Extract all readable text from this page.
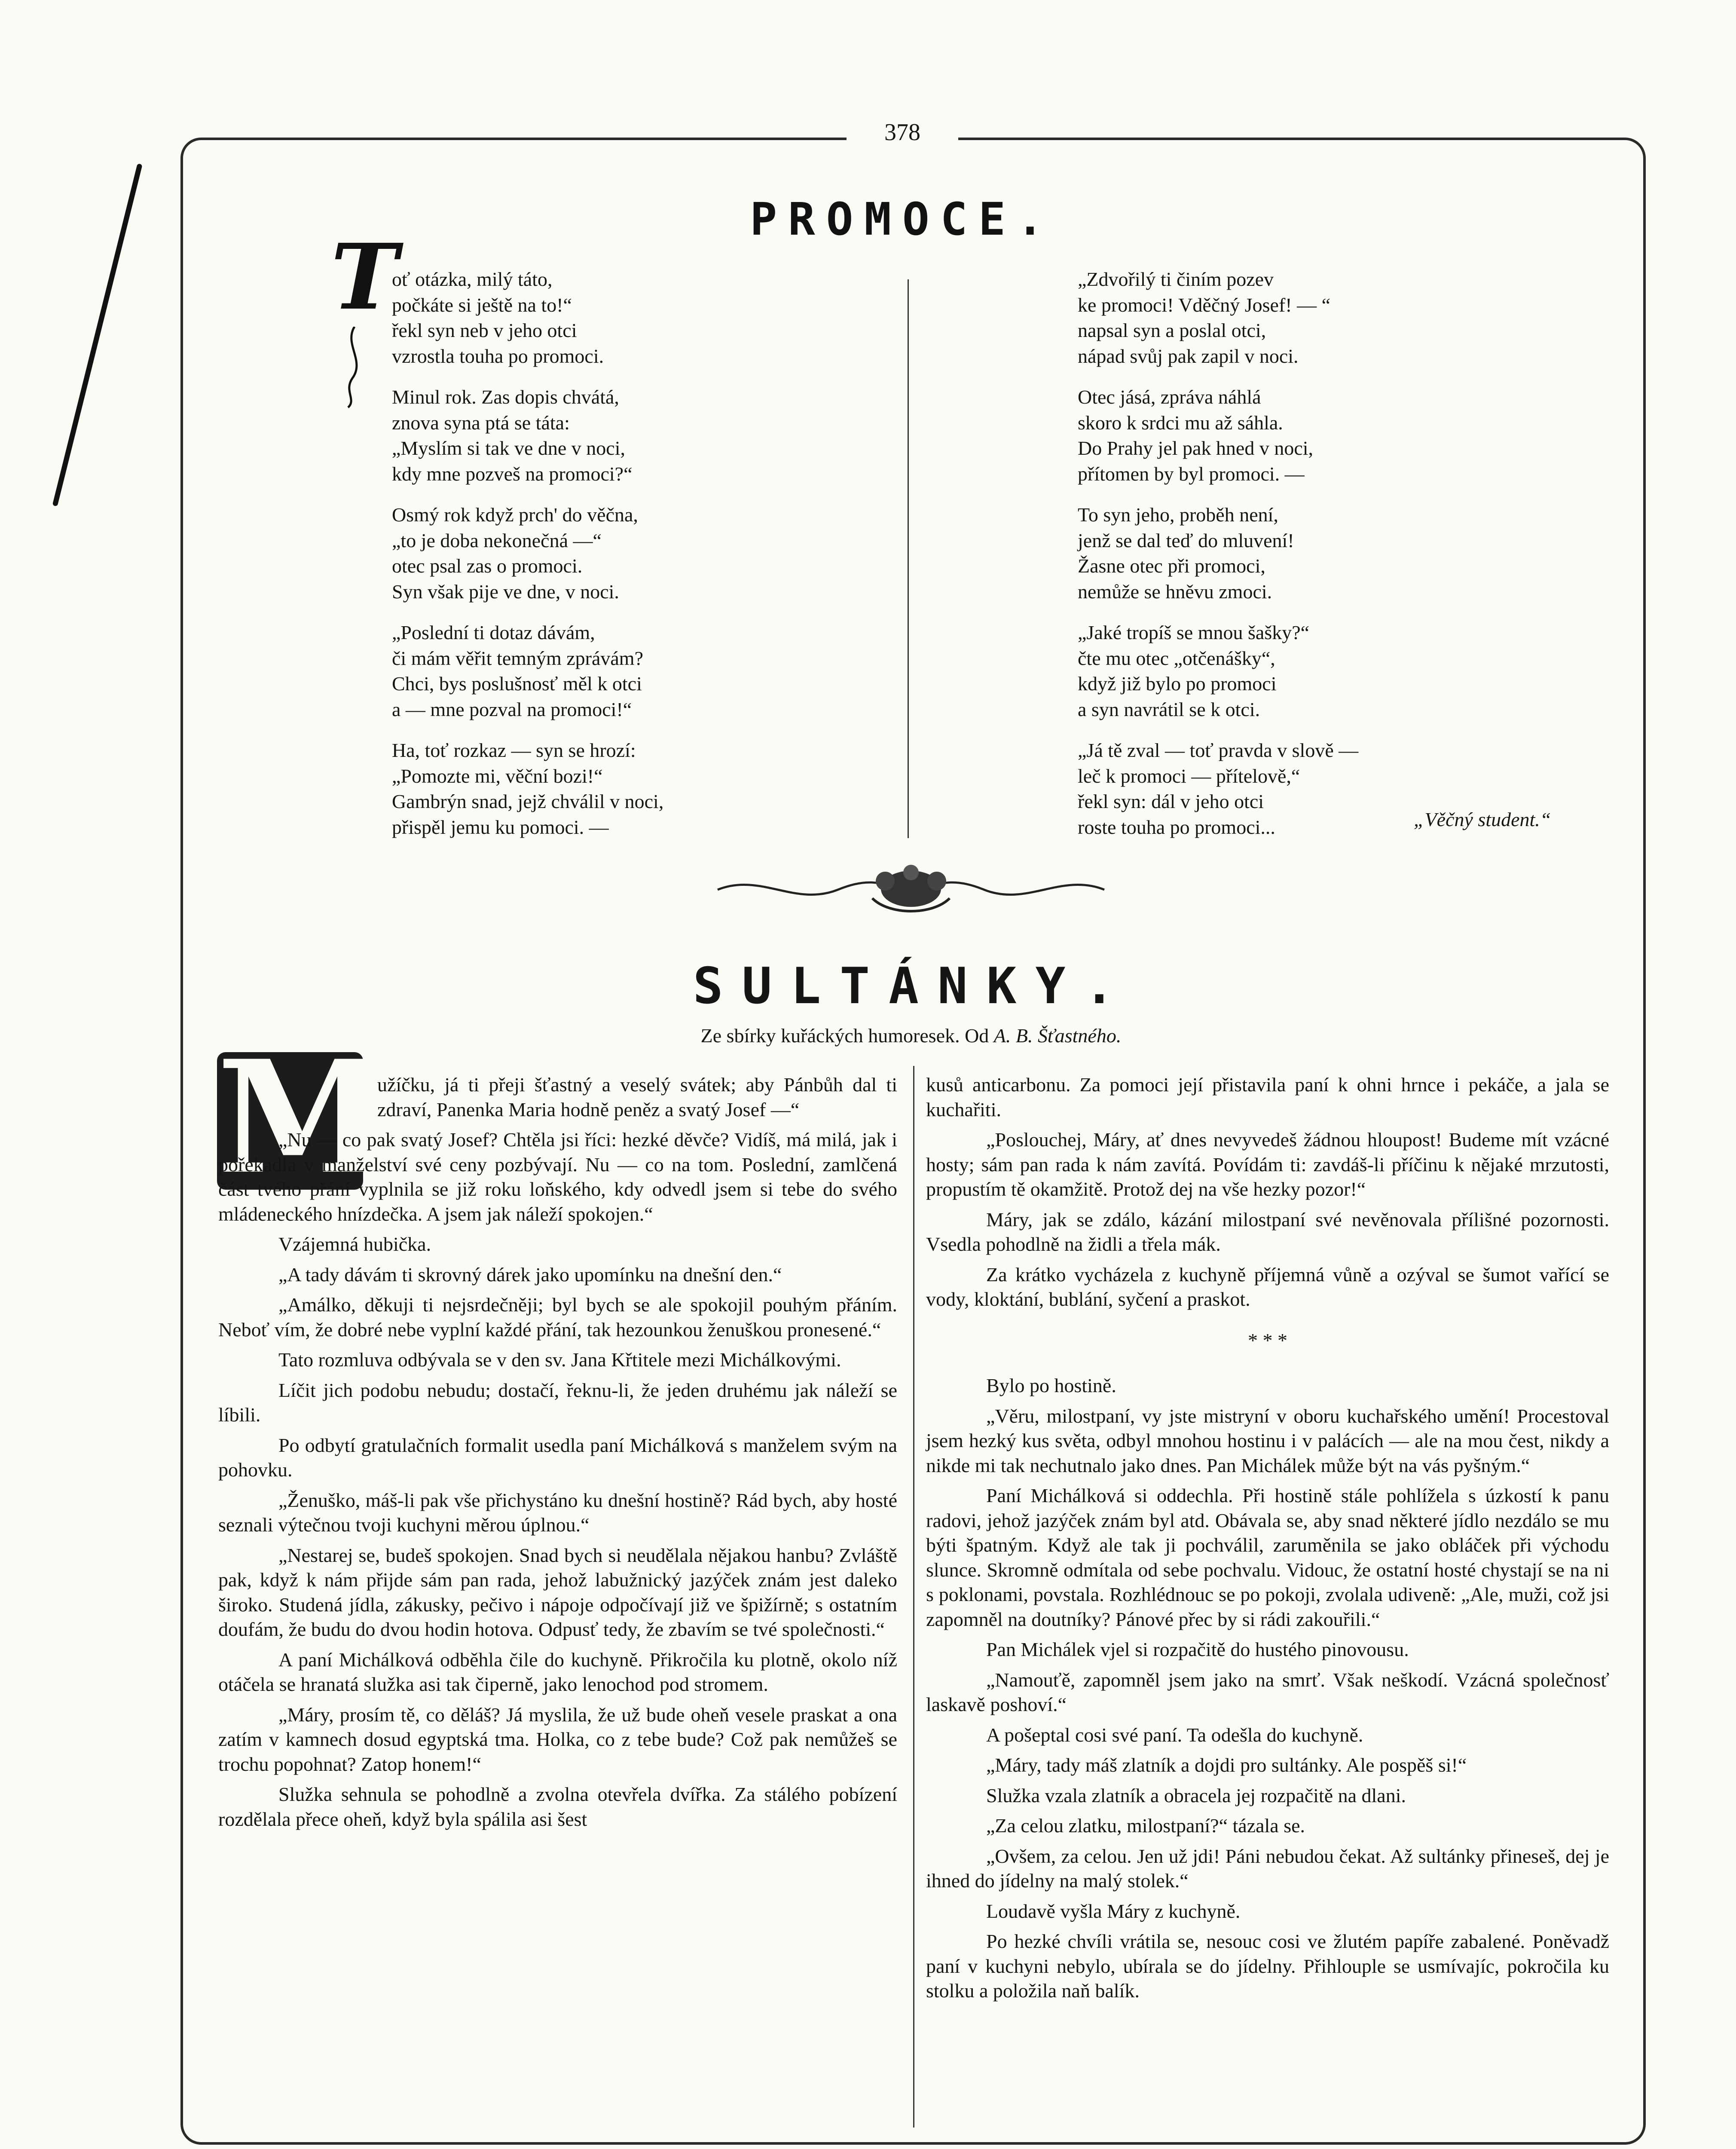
378
PROMOCE.
T
oť otázka, milý táto,
počkáte si ještě na to!“
řekl syn neb v jeho otci
vzrostla touha po promoci.
Minul rok. Zas dopis chvátá,
znova syna ptá se táta:
„Myslím si tak ve dne v noci,
kdy mne pozveš na promoci?“
Osmý rok když prch' do věčna,
„to je doba nekonečná —“
otec psal zas o promoci.
Syn však pije ve dne, v noci.
„Poslední ti dotaz dávám,
či mám věřit temným zprávám?
Chci, bys poslušnosť měl k otci
a — mne pozval na promoci!“
Ha, toť rozkaz — syn se hrozí:
„Pomozte mi, věční bozi!“
Gambrýn snad, jejž chválil v noci,
přispěl jemu ku pomoci. —
„Zdvořilý ti činím pozev
ke promoci! Vděčný Josef! — “
napsal syn a poslal otci,
nápad svůj pak zapil v noci.
Otec jásá, zpráva náhlá
skoro k srdci mu až sáhla.
Do Prahy jel pak hned v noci,
přítomen by byl promoci. —
To syn jeho, proběh není,
jenž se dal teď do mluvení!
Žasne otec při promoci,
nemůže se hněvu zmoci.
„Jaké tropíš se mnou šašky?“
čte mu otec „otčenášky“,
když již bylo po promoci
a syn navrátil se k otci.
„Já tě zval — toť pravda v slově —
leč k promoci — přítelově,“
řekl syn: dál v jeho otci
roste touha po promoci...	„Věčný student.“
SULTÁNKY.
Ze sbírky kuřáckých humoresek. Od A. B. Šťastného.
M

užíčku, já ti přeji šťastný a veselý svátek; aby Pánbůh dal ti zdraví, Panenka Maria hodně peněz a svatý Josef —“

„Nu — co pak svatý Josef? Chtěla jsi říci: hezké děvče? Vidíš, má milá, jak i pořekadla v manželství své ceny pozbývají. Nu — co na tom. Poslední, zamlčená část tvého přání vyplnila se již roku loňského, kdy odvedl jsem si tebe do svého mládeneckého hnízdečka. A jsem jak náleží spokojen.“

Vzájemná hubička.

„A tady dávám ti skrovný dárek jako upomínku na dnešní den.“

„Amálko, děkuji ti nejsrdečněji; byl bych se ale spokojil pouhým přáním. Neboť vím, že dobré nebe vyplní každé přání, tak hezounkou ženuškou pronesené.“

Tato rozmluva odbývala se v den sv. Jana Křtitele mezi Michálkovými.

Líčit jich podobu nebudu; dostačí, řeknu-li, že jeden druhému jak náleží se líbili.

Po odbytí gratulačních formalit usedla paní Michálková s manželem svým na pohovku.

„Ženuško, máš-li pak vše přichystáno ku dnešní hostině? Rád bych, aby hosté seznali výtečnou tvoji kuchyni měrou úplnou.“

„Nestarej se, budeš spokojen. Snad bych si neudělala nějakou hanbu? Zvláště pak, když k nám přijde sám pan rada, jehož labužnický jazýček znám jest daleko široko. Studená jídla, zákusky, pečivo i nápoje odpočívají již ve špižírně; s ostatním doufám, že budu do dvou hodin hotova. Odpusť tedy, že zbavím se tvé společnosti.“

A paní Michálková odběhla čile do kuchyně. Přikročila ku plotně, okolo níž otáčela se hranatá služka asi tak čiperně, jako lenochod pod stromem.

„Máry, prosím tě, co děláš? Já myslila, že už bude oheň vesele praskat a ona zatím v kamnech dosud egyptská tma. Holka, co z tebe bude? Což pak nemůžeš se trochu popohnat? Zatop honem!“

Služka sehnula se pohodlně a zvolna otevřela dvířka. Za stálého pobízení rozdělala přece oheň, když byla spálila asi šest

kusů anticarbonu. Za pomoci její přistavila paní k ohni hrnce i pekáče, a jala se kuchařiti.

„Poslouchej, Máry, ať dnes nevyvedeš žádnou hloupost! Budeme mít vzácné hosty; sám pan rada k nám zavítá. Povídám ti: zavdáš-li příčinu k nějaké mrzutosti, propustím tě okamžitě. Protož dej na vše hezky pozor!“

Máry, jak se zdálo, kázání milostpaní své nevěnovala přílišné pozornosti. Vsedla pohodlně na židli a třela mák.

Za krátko vycházela z kuchyně příjemná vůně a ozýval se šumot vařící se vody, kloktání, bublání, syčení a praskot.

* * *

Bylo po hostině.

„Věru, milostpaní, vy jste mistryní v oboru kuchařského umění! Procestoval jsem hezký kus světa, odbyl mnohou hostinu i v palácích — ale na mou čest, nikdy a nikde mi tak nechutnalo jako dnes. Pan Michálek může být na vás pyšným.“

Paní Michálková si oddechla. Při hostině stále pohlížela s úzkostí k panu radovi, jehož jazýček znám byl atd. Obávala se, aby snad některé jídlo nezdálo se mu býti špatným. Když ale tak ji pochválil, zaruměnila se jako obláček při východu slunce. Skromně odmítala od sebe pochvalu. Vidouc, že ostatní hosté chystají se na ni s poklonami, povstala. Rozhlédnouc se po pokoji, zvolala udiveně: „Ale, muži, což jsi zapomněl na doutníky? Pánové přec by si rádi zakouřili.“

Pan Michálek vjel si rozpačitě do hustého pinovousu.

„Namouťě, zapomněl jsem jako na smrť. Však neškodí. Vzácná společnosť laskavě poshoví.“

A pošeptal cosi své paní. Ta odešla do kuchyně.

„Máry, tady máš zlatník a dojdi pro sultánky. Ale pospěš si!“

Služka vzala zlatník a obracela jej rozpačitě na dlani.

„Za celou zlatku, milostpaní?“ tázala se.

„Ovšem, za celou. Jen už jdi! Páni nebudou čekat. Až sultánky přineseš, dej je ihned do jídelny na malý stolek.“

Loudavě vyšla Máry z kuchyně.

Po hezké chvíli vrátila se, nesouc cosi ve žlutém papíře zabalené. Poněvadž paní v kuchyni nebylo, ubírala se do jídelny. Přihlouple se usmívajíc, pokročila ku stolku a položila naň balík.
